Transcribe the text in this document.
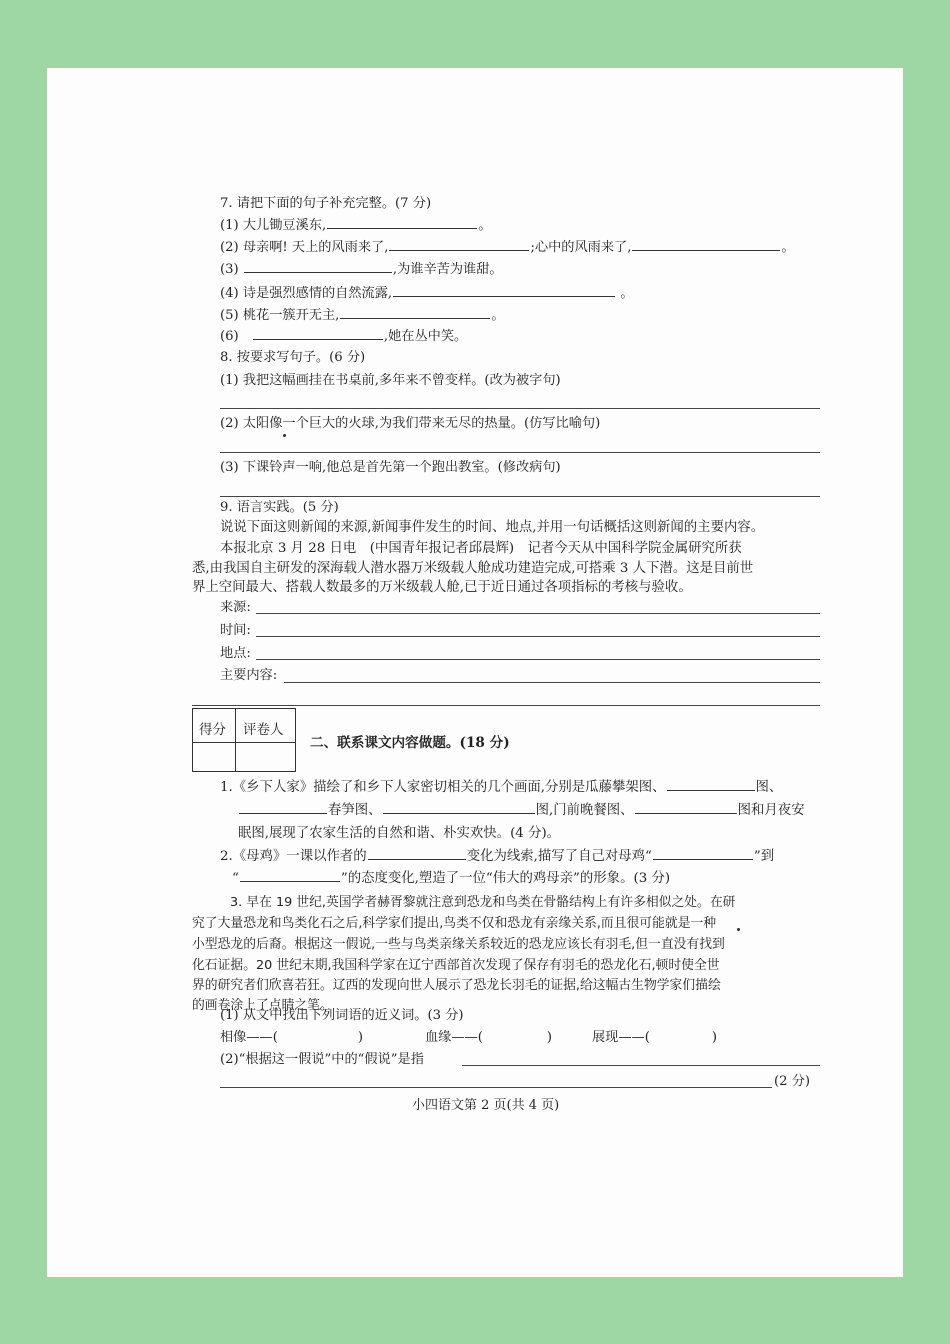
7. 请把下面的句子补充完整。(7 分)
(1) 大儿锄豆溪东,	。
(2) 母亲啊! 天上的风雨来了,	;心中的风雨来了,	。
(3)	,为谁辛苦为谁甜。
(4) 诗是强烈感情的自然流露,	。
(5) 桃花一簇开无主,	。
(6)　	,她在丛中笑。
8. 按要求写句子。(6 分)
(1) 我把这幅画挂在书桌前,多年来不曾变样。(改为被字句)
(2) 太阳像一个巨大的火球,为我们带来无尽的热量。(仿写比喻句)
(3) 下课铃声一响,他总是首先第一个跑出教室。(修改病句)
9. 语言实践。(5 分)
说说下面这则新闻的来源,新闻事件发生的时间、地点,并用一句话概括这则新闻的主要内容。
本报北京 3 月 28 日电　(中国青年报记者邱晨辉)　记者今天从中国科学院金属研究所获
悉,由我国自主研发的深海载人潜水器万米级载人舱成功建造完成,可搭乘 3 人下潜。这是目前世
界上空间最大、搭载人数最多的万米级载人舱,已于近日通过各项指标的考核与验收。
来源:
时间:
地点:
主要内容:
得分 评卷人
二、联系课文内容做题。(18 分)
1.《乡下人家》描绘了和乡下人家密切相关的几个画面,分别是瓜藤攀架图、	图、
春笋图、	图,门前晚餐图、	图和月夜安
眠图,展现了农家生活的自然和谐、朴实欢快。(4 分)。
2.《母鸡》一课以作者的	变化为线索,描写了自己对母鸡“	”到
“	”的态度变化,塑造了一位“伟大的鸡母亲”的形象。(3 分)
3. 早在 19 世纪,英国学者赫胥黎就注意到恐龙和鸟类在骨骼结构上有许多相似之处。在研
究了大量恐龙和鸟类化石之后,科学家们提出,鸟类不仅和恐龙有亲缘关系,而且很可能就是一种
小型恐龙的后裔。根据这一假说,一些与鸟类亲缘关系较近的恐龙应该长有羽毛,但一直没有找到
化石证据。20 世纪末期,我国科学家在辽宁西部首次发现了保存有羽毛的恐龙化石,顿时使全世
界的研究者们欣喜若狂。辽西的发现向世人展示了恐龙长羽毛的证据,给这幅古生物学家们描绘
的画卷涂上了点睛之笔。
(1) 从文中找出下列词语的近义词。(3 分)
相像——(	)	血缘——(	)	展现——(	)
(2)“根据这一假说”中的“假说”是指
(2 分)
小四语文第 2 页(共 4 页)
